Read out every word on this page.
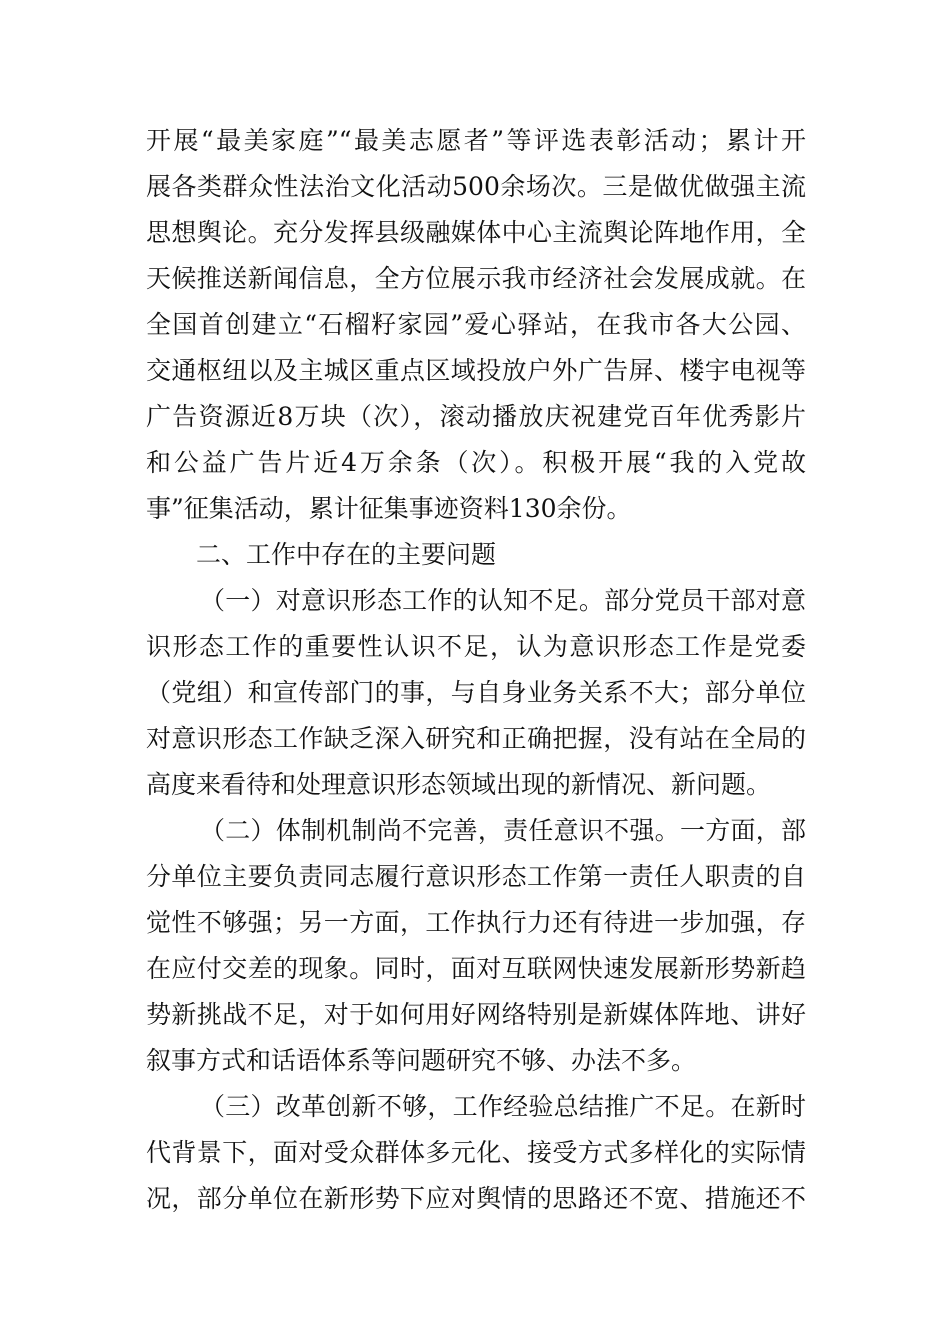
开展“最美家庭”“最美志愿者”等评选表彰活动；累计开
展各类群众性法治文化活动500余场次。三是做优做强主流
思想舆论。充分发挥县级融媒体中心主流舆论阵地作用，全
天候推送新闻信息，全方位展示我市经济社会发展成就。在
全国首创建立“石榴籽家园”爱心驿站，在我市各大公园、
交通枢纽以及主城区重点区域投放户外广告屏、楼宇电视等
广告资源近8万块（次），滚动播放庆祝建党百年优秀影片
和公益广告片近4万余条（次）。积极开展“我的入党故
事”征集活动，累计征集事迹资料130余份。
二、工作中存在的主要问题
（一）对意识形态工作的认知不足。部分党员干部对意
识形态工作的重要性认识不足，认为意识形态工作是党委
（党组）和宣传部门的事，与自身业务关系不大；部分单位
对意识形态工作缺乏深入研究和正确把握，没有站在全局的
高度来看待和处理意识形态领域出现的新情况、新问题。
（二）体制机制尚不完善，责任意识不强。一方面，部
分单位主要负责同志履行意识形态工作第一责任人职责的自
觉性不够强；另一方面，工作执行力还有待进一步加强，存
在应付交差的现象。同时，面对互联网快速发展新形势新趋
势新挑战不足，对于如何用好网络特别是新媒体阵地、讲好
叙事方式和话语体系等问题研究不够、办法不多。
（三）改革创新不够，工作经验总结推广不足。在新时
代背景下，面对受众群体多元化、接受方式多样化的实际情
况，部分单位在新形势下应对舆情的思路还不宽、措施还不
